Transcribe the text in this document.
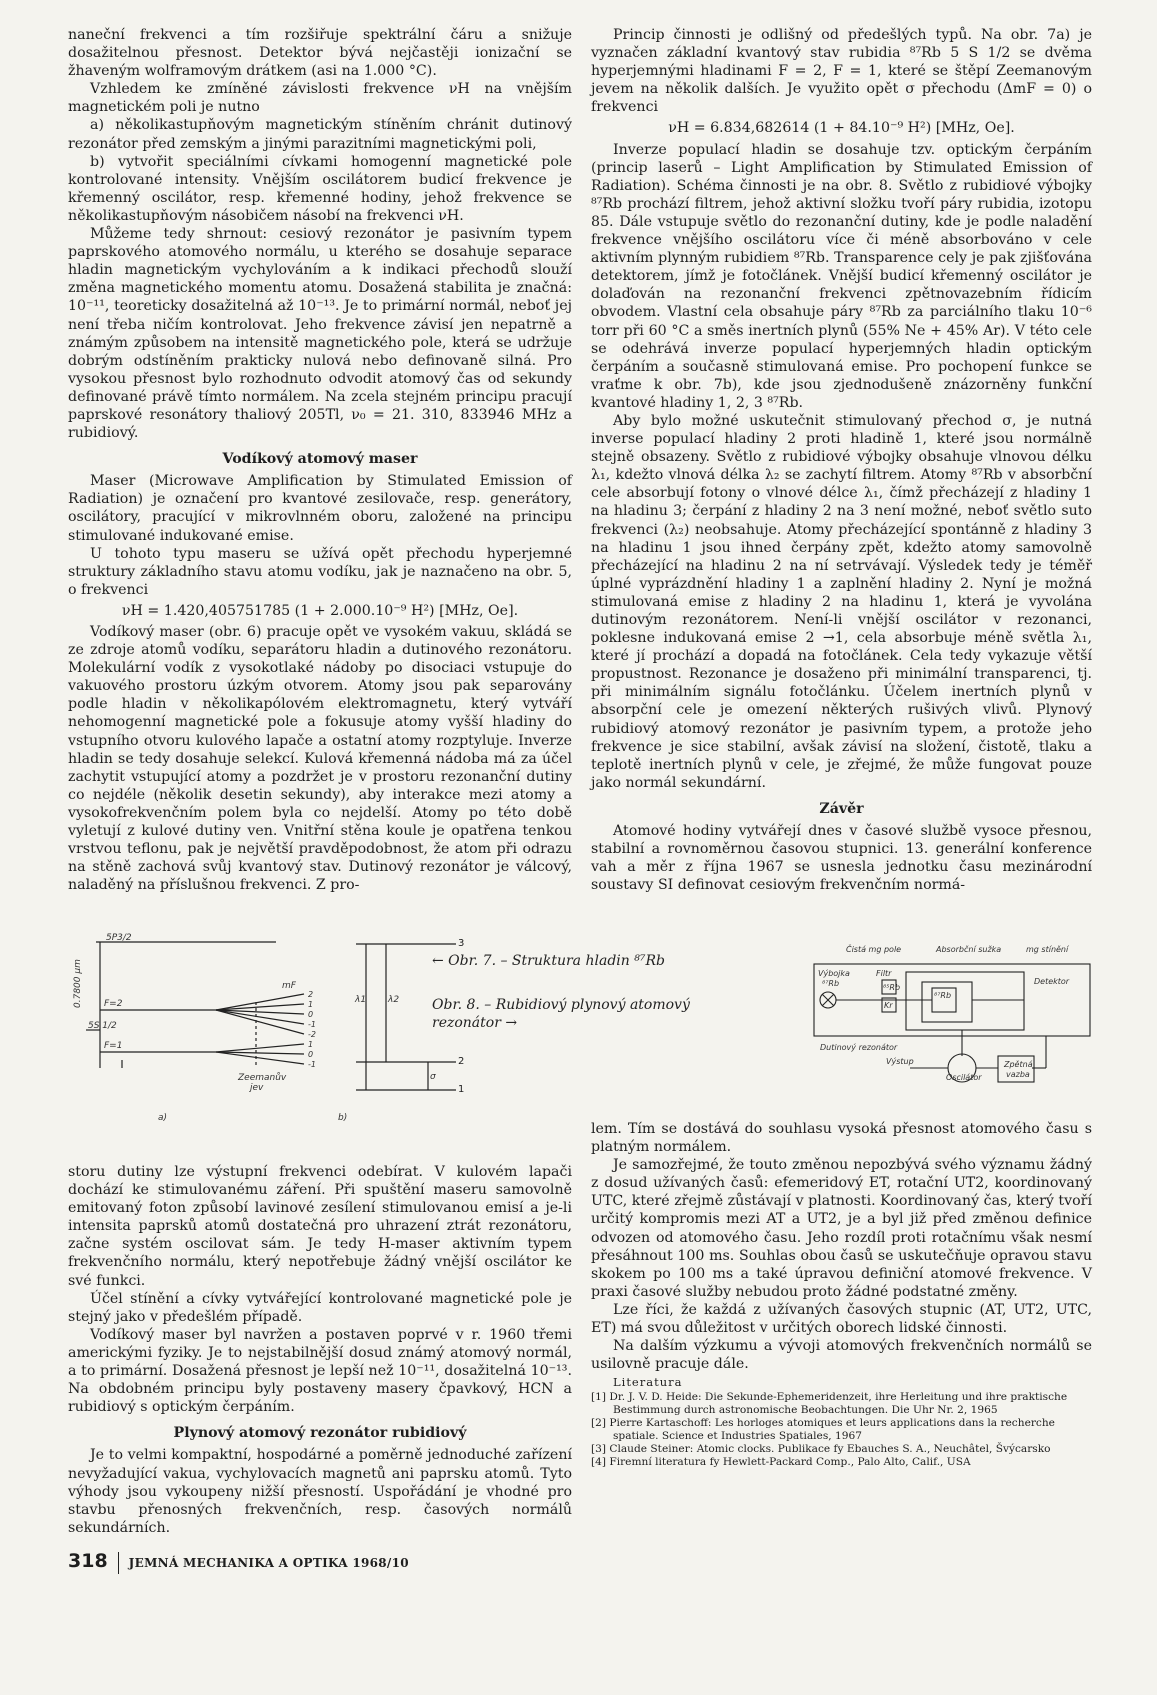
naneční frekvenci a tím rozšiřuje spektrální čáru a snižuje dosažitelnou přesnost. Detektor bývá nejčastěji ionizační se žhaveným wolframovým drátkem (asi na 1.000 °C).

Vzhledem ke zmíněné závislosti frekvence νH na vnějším magnetickém poli je nutno

a) několikastupňovým magnetickým stíněním chránit dutinový rezonátor před zemským a jinými parazitními magnetickými poli,

b) vytvořit speciálními cívkami homogenní magnetické pole kontrolované intensity. Vnějším oscilátorem budicí frekvence je křemenný oscilátor, resp. křemenné hodiny, jehož frekvence se několikastupňovým násobičem násobí na frekvenci νH.

Můžeme tedy shrnout: cesiový rezonátor je pasivním typem paprskového atomového normálu, u kterého se dosahuje separace hladin magnetickým vychylováním a k indikaci přechodů slouží změna magnetického momentu atomu. Dosažená stabilita je značná: 10⁻¹¹, teoreticky dosažitelná až 10⁻¹³. Je to primární normál, neboť jej není třeba ničím kontrolovat. Jeho frekvence závisí jen nepatrně a známým způsobem na intensitě magnetického pole, která se udržuje dobrým odstíněním prakticky nulová nebo definovaně silná. Pro vysokou přesnost bylo rozhodnuto odvodit atomový čas od sekundy definované právě tímto normálem. Na zcela stejném principu pracují paprskové resonátory thaliový 205Tl, ν₀ = 21. 310, 833946 MHz a rubidiový.

Vodíkový atomový maser

Maser (Microwave Amplification by Stimulated Emission of Radiation) je označení pro kvantové zesilovače, resp. generátory, oscilátory, pracující v mikrovlnném oboru, založené na principu stimulované indukované emise.

U tohoto typu maseru se užívá opět přechodu hyperjemné struktury základního stavu atomu vodíku, jak je naznačeno na obr. 5, o frekvenci

νH = 1.420,405751785 (1 + 2.000.10⁻⁹ H²) [MHz, Oe].

Vodíkový maser (obr. 6) pracuje opět ve vysokém vakuu, skládá se ze zdroje atomů vodíku, separátoru hladin a dutinového rezonátoru. Molekulární vodík z vysokotlaké nádoby po disociaci vstupuje do vakuového prostoru úzkým otvorem. Atomy jsou pak separovány podle hladin v několikapólovém elektromagnetu, který vytváří nehomogenní magnetické pole a fokusuje atomy vyšší hladiny do vstupního otvoru kulového lapače a ostatní atomy rozptyluje. Inverze hladin se tedy dosahuje selekcí. Kulová křemenná nádoba má za účel zachytit vstupující atomy a pozdržet je v prostoru rezonanční dutiny co nejdéle (několik desetin sekundy), aby interakce mezi atomy a vysokofrekvenčním polem byla co nejdelší. Atomy po této době vyletují z kulové dutiny ven. Vnitřní stěna koule je opatřena tenkou vrstvou teflonu, pak je největší pravděpodobnost, že atom při odrazu na stěně zachová svůj kvantový stav. Dutinový rezonátor je válcový, naladěný na příslušnou frekvenci. Z pro-

Princip činnosti je odlišný od předešlých typů. Na obr. 7a) je vyznačen základní kvantový stav rubidia ⁸⁷Rb 5 S 1/2 se dvěma hyperjemnými hladinami F = 2, F = 1, které se štěpí Zeemanovým jevem na několik dalších. Je využito opět σ přechodu (ΔmF = 0) o frekvenci

νH = 6.834,682614 (1 + 84.10⁻⁹ H²) [MHz, Oe].

Inverze populací hladin se dosahuje tzv. optickým čerpáním (princip laserů – Light Amplification by Stimulated Emission of Radiation). Schéma činnosti je na obr. 8. Světlo z rubidiové výbojky ⁸⁷Rb prochází filtrem, jehož aktivní složku tvoří páry rubidia, izotopu 85. Dále vstupuje světlo do rezonanční dutiny, kde je podle naladění frekvence vnějšího oscilátoru více či méně absorbováno v cele aktivním plynným rubidiem ⁸⁷Rb. Transparence cely je pak zjišťována detektorem, jímž je fotočlánek. Vnější budicí křemenný oscilátor je dolaďován na rezonanční frekvenci zpětnovazebním řídicím obvodem. Vlastní cela obsahuje páry ⁸⁷Rb za parciálního tlaku 10⁻⁶ torr při 60 °C a směs inertních plynů (55% Ne + 45% Ar). V této cele se odehrává inverze populací hyperjemných hladin optickým čerpáním a současně stimulovaná emise. Pro pochopení funkce se vraťme k obr. 7b), kde jsou zjednodušeně znázorněny funkční kvantové hladiny 1, 2, 3 ⁸⁷Rb.

Aby bylo možné uskutečnit stimulovaný přechod σ, je nutná inverse populací hladiny 2 proti hladině 1, které jsou normálně stejně obsazeny. Světlo z rubidiové výbojky obsahuje vlnovou délku λ₁, kdežto vlnová délka λ₂ se zachytí filtrem. Atomy ⁸⁷Rb v absorbční cele absorbují fotony o vlnové délce λ₁, čímž přecházejí z hladiny 1 na hladinu 3; čerpání z hladiny 2 na 3 není možné, neboť světlo suto frekvenci (λ₂) neobsahuje. Atomy přecházející spontánně z hladiny 3 na hladinu 1 jsou ihned čerpány zpět, kdežto atomy samovolně přecházející na hladinu 2 na ní setrvávají. Výsledek tedy je téměř úplné vyprázdnění hladiny 1 a zaplnění hladiny 2. Nyní je možná stimulovaná emise z hladiny 2 na hladinu 1, která je vyvolána dutinovým rezonátorem. Není-li vnější oscilátor v rezonanci, poklesne indukovaná emise 2 →1, cela absorbuje méně světla λ₁, které jí prochází a dopadá na fotočlánek. Cela tedy vykazuje větší propustnost. Rezonance je dosaženo při minimální transparenci, tj. při minimálním signálu fotočlánku. Účelem inertních plynů v absorpční cele je omezení některých rušivých vlivů. Plynový rubidiový atomový rezonátor je pasivním typem, a protože jeho frekvence je sice stabilní, avšak závisí na složení, čistotě, tlaku a teplotě inertních plynů v cele, je zřejmé, že může fungovat pouze jako normál sekundární.

Závěr

Atomové hodiny vytvářejí dnes v časové službě vysoce přesnou, stabilní a rovnoměrnou časovou stupnici. 13. generální konference vah a měr z října 1967 se usnesla jednotku času mezinárodní soustavy SI definovat cesiovým frekvenčním normá-

5P3/2
0.7800 μm F=2
5S 1/2
F=1
mF
2
1
0
-1
-2
1
0
-1
Zeemanův
jev
a)	b)
λ1 λ2
σ
3
2
1
← Obr. 7. – Struktura hladin ⁸⁷Rb
Obr. 8. – Rubidiový plynový atomový rezonátor →
Čistá mg pole	Absorbční sužka	mg stínění
Výbojka
⁸⁷Rb
Filtr
⁸⁵Rb
Kr
⁸⁷Rb
Detektor
Dutinový rezonátor
Výstup
Oscilátor
Zpětná
vazba

storu dutiny lze výstupní frekvenci odebírat. V kulovém lapači dochází ke stimulovanému záření. Při spuštění maseru samovolně emitovaný foton způsobí lavinové zesílení stimulovanou emisí a je-li intensita paprsků atomů dostatečná pro uhrazení ztrát rezonátoru, začne systém oscilovat sám. Je tedy H-maser aktivním typem frekvenčního normálu, který nepotřebuje žádný vnější oscilátor ke své funkci.

Účel stínění a cívky vytvářející kontrolované magnetické pole je stejný jako v předešlém případě.

Vodíkový maser byl navržen a postaven poprvé v r. 1960 třemi americkými fyziky. Je to nejstabilnější dosud známý atomový normál, a to primární. Dosažená přesnost je lepší než 10⁻¹¹, dosažitelná 10⁻¹³. Na obdobném principu byly postaveny masery čpavkový, HCN a rubidiový s optickým čerpáním.

Plynový atomový rezonátor rubidiový

Je to velmi kompaktní, hospodárné a poměrně jednoduché zařízení nevyžadující vakua, vychylovacích magnetů ani paprsku atomů. Tyto výhody jsou vykoupeny nižší přesností. Uspořádání je vhodné pro stavbu přenosných frekvenčních, resp. časových normálů sekundárních.

lem. Tím se dostává do souhlasu vysoká přesnost atomového času s platným normálem.

Je samozřejmé, že touto změnou nepozbývá svého významu žádný z dosud užívaných časů: efemeridový ET, rotační UT2, koordinovaný UTC, které zřejmě zůstávají v platnosti. Koordinovaný čas, který tvoří určitý kompromis mezi AT a UT2, je a byl již před změnou definice odvozen od atomového času. Jeho rozdíl proti rotačnímu však nesmí přesáhnout 100 ms. Souhlas obou časů se uskutečňuje opravou stavu skokem po 100 ms a také úpravou definiční atomové frekvence. V praxi časové služby nebudou proto žádné podstatné změny.

Lze říci, že každá z užívaných časových stupnic (AT, UT2, UTC, ET) má svou důležitost v určitých oborech lidské činnosti.

Na dalším výzkumu a vývoji atomových frekvenčních normálů se usilovně pracuje dále.

Literatura

[1] Dr. J. V. D. Heide: Die Sekunde-Ephemeridenzeit, ihre Herleitung und ihre praktische Bestimmung durch astronomische Beobachtungen. Die Uhr Nr. 2, 1965
[2] Pierre Kartaschoff: Les horloges atomiques et leurs applications dans la recherche spatiale. Science et Industries Spatiales, 1967
[3] Claude Steiner: Atomic clocks. Publikace fy Ebauches S. A., Neuchâtel, Švýcarsko
[4] Firemní literatura fy Hewlett-Packard Comp., Palo Alto, Calif., USA
318 JEMNÁ MECHANIKA A OPTIKA 1968/10
